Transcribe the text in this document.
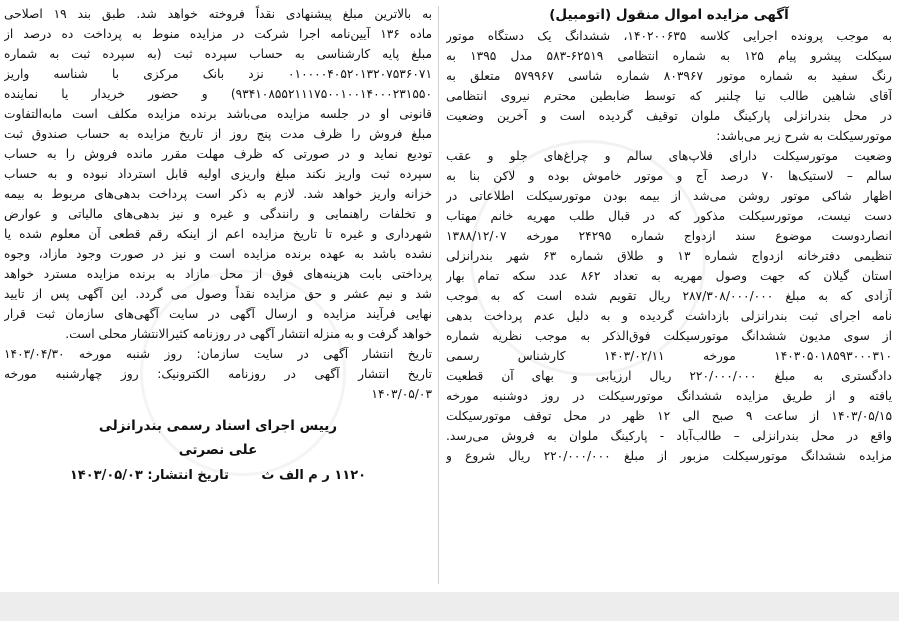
آگهی مزایده اموال منقول (اتومبیل)
به موجب پرونده اجرایی کلاسه ۱۴۰۲۰۰۶۳۵، ششدانگ یک دستگاه موتور
سیکلت پیشرو پیام ۱۲۵ به شماره انتظامی ۶۲۵۱۹-۵۸۳ مدل ۱۳۹۵ به
رنگ سفید به شماره موتور ۸۰۳۹۶۷ شماره شاسی ۵۷۹۹۶۷ متعلق به
آقای شاهین طالب نیا چلنبر که توسط ضابطین محترم نیروی انتظامی
در محل بندرانزلی پارکینگ ملوان توقیف گردیده است و آخرین وضعیت
موتورسیکلت به شرح زیر می‌باشد:
وضعیت موتورسیکلت دارای فلاپ‌های سالم و چراغ‌های جلو و عقب
سالم – لاستیک‌ها ۷۰ درصد آج و موتور خاموش بوده و لاکن بنا به
اظهار شاکی موتور روشن می‌شد از بیمه بودن موتورسیکلت اطلاعاتی در
دست نیست، موتورسیکلت مذکور که در قبال طلب مهریه خانم مهتاب
انصاردوست موضوع سند ازدواج شماره ۲۴۲۹۵ مورخه ۱۳۸۸/۱۲/۰۷
تنظیمی دفترخانه ازدواج شماره ۱۳ و طلاق شماره ۶۳ شهر بندرانزلی
استان گیلان که جهت وصول مهریه به تعداد ۸۶۲ عدد سکه تمام بهار
آزادی که به مبلغ ۲۸۷/۳۰۸/۰۰۰/۰۰۰ ریال تقویم شده است که به موجب
نامه اجرای ثبت بندرانزلی بازداشت گردیده و به دلیل عدم پرداخت بدهی
از سوی مدیون ششدانگ موتورسیکلت فوق‌الذکر به موجب نظریه شماره
۱۴۰۳۰۵۰۱۸۵۹۳۰۰۰۳۱۰ مورخه ۱۴۰۳/۰۲/۱۱ کارشناس رسمی
دادگستری به مبلغ ۲۲۰/۰۰۰/۰۰۰ ریال ارزیابی و بهای آن قطعیت
یافته و از طریق مزایده ششدانگ موتورسیکلت در روز دوشنبه مورخه
۱۴۰۳/۰۵/۱۵ از ساعت ۹ صبح الی ۱۲ ظهر در محل توقف موتورسیکلت
واقع در محل بندرانزلی – طالب‌آباد - پارکینگ ملوان به فروش می‌رسد.
مزایده ششدانگ موتورسیکلت مزبور از مبلغ ۲۲۰/۰۰۰/۰۰۰ ریال شروع و
به بالاترین مبلغ پیشنهادی نقداً فروخته خواهد شد. طبق بند ۱۹ اصلاحی
ماده ۱۳۶ آیین‌نامه اجرا شرکت در مزایده منوط به پرداخت ده درصد از
مبلغ پایه کارشناسی به حساب سپرده ثبت (به سپرده ثبت به شماره
۰۱۰۰۰۰۴۰۵۲۰۱۳۲۰۷۵۳۶۰۷۱ نزد بانک مرکزی با شناسه واریز
۹۳۴۱۰۸۵۵۲۱۱۱۷۵۰۰۱۰۰۱۴۰۰۰۲۳۱۵۵۰) و حضور خریدار یا نماینده
قانونی او در جلسه مزایده می‌باشد برنده مزایده مکلف است مابه‌التفاوت
مبلغ فروش را ظرف مدت پنج روز از تاریخ مزایده به حساب صندوق ثبت
تودیع نماید و در صورتی که ظرف مهلت مقرر مانده فروش را به حساب
سپرده ثبت واریز نکند مبلغ واریزی اولیه قابل استرداد نبوده و به حساب
خزانه واریز خواهد شد. لازم به ذکر است پرداخت بدهی‌های مربوط به بیمه
و تخلفات راهنمایی و رانندگی و غیره و نیز بدهی‌های مالیاتی و عوارض
شهرداری و غیره تا تاریخ مزایده اعم از اینکه رقم قطعی آن معلوم شده یا
نشده باشد به عهده برنده مزایده است و نیز در صورت وجود مازاد، وجوه
پرداختی بابت هزینه‌های فوق از محل مازاد به برنده مزایده مسترد خواهد
شد و نیم عشر و حق مزایده نقداً وصول می گردد. این آگهی پس از تایید
نهایی فرآیند مزایده و ارسال آگهی در سایت آگهی‌های سازمان ثبت قرار
خواهد گرفت و به منزله انتشار آگهی در روزنامه کثیرالانتشار محلی است.
تاریخ انتشار آگهی در سایت سازمان: روز شنبه مورخه ۱۴۰۳/۰۴/۳۰
تاریخ انتشار آگهی در روزنامه الکترونیک: روز چهارشنبه مورخه
۱۴۰۳/۰۵/۰۳
رییس اجرای اسناد رسمی بندرانزلی
علی نصرتی
۱۱۲۰ ر م الف ث تاریخ انتشار: ۱۴۰۳/۰۵/۰۳
